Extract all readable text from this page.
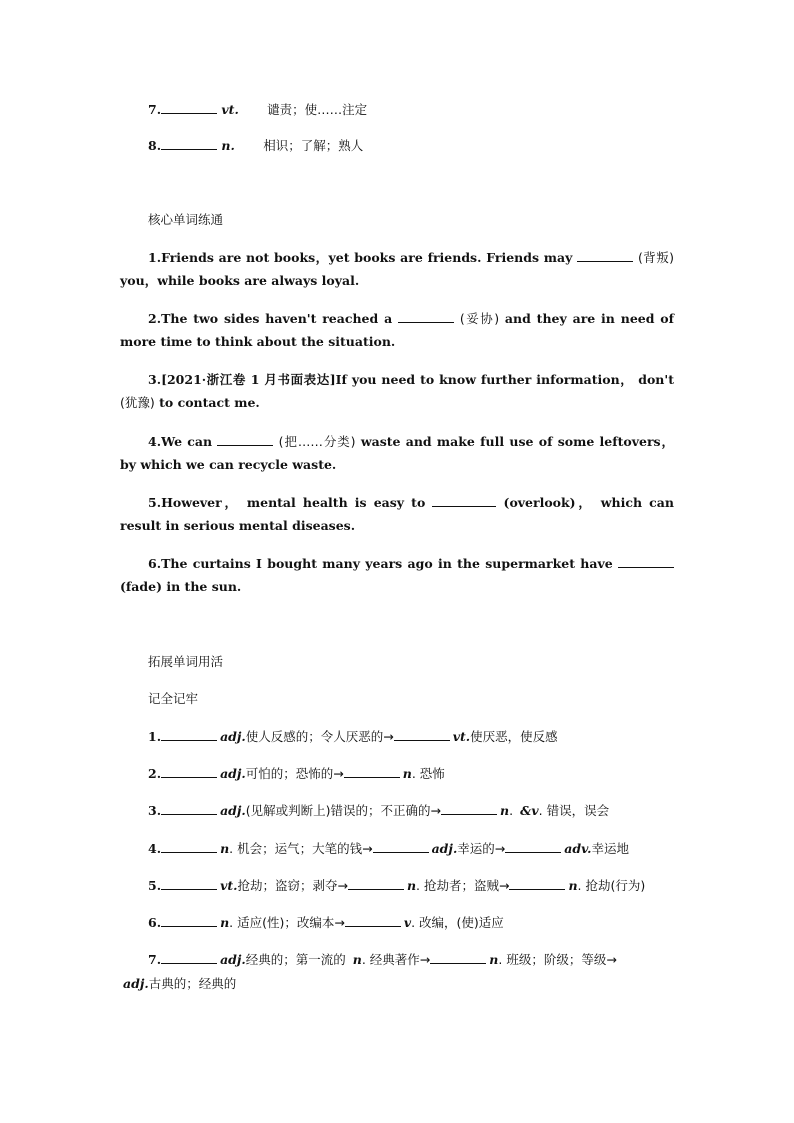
7.	vt. 谴责；使……注定
8.	n. 相识；了解；熟人
核心单词练通
1.Friends are not books，yet books are friends. Friends may	(背叛) you，while books are always loyal.
2.The two sides haven't reached a	(妥协) and they are in need of more time to think about the situation.
3.[2021·浙江卷 1 月书面表达]If you need to know further information， don't (犹豫) to contact me.
4.We can	(把……分类) waste and make full use of some leftovers， by which we can recycle waste.
5.However， mental health is easy to	(overlook)， which can result in serious mental diseases.
6.The curtains I bought many years ago in the supermarket have  (fade) in the sun.
拓展单词用活
记全记牢
1.	adj.使人反感的；令人厌恶的→	vt.使厌恶，使反感
2.	adj.可怕的；恐怖的→	n. 恐怖
3.	adj.(见解或判断上)错误的；不正确的→	n. &v. 错误，误会
4.	n. 机会；运气；大笔的钱→	adj.幸运的→	adv.幸运地
5.	vt.抢劫；盗窃；剥夺→	n. 抢劫者；盗贼→	n. 抢劫(行为)
6.	n. 适应(性)；改编本→	v. 改编，(使)适应
7.	adj.经典的；第一流的 n. 经典著作→	n. 班级；阶级；等级→
adj.古典的；经典的
